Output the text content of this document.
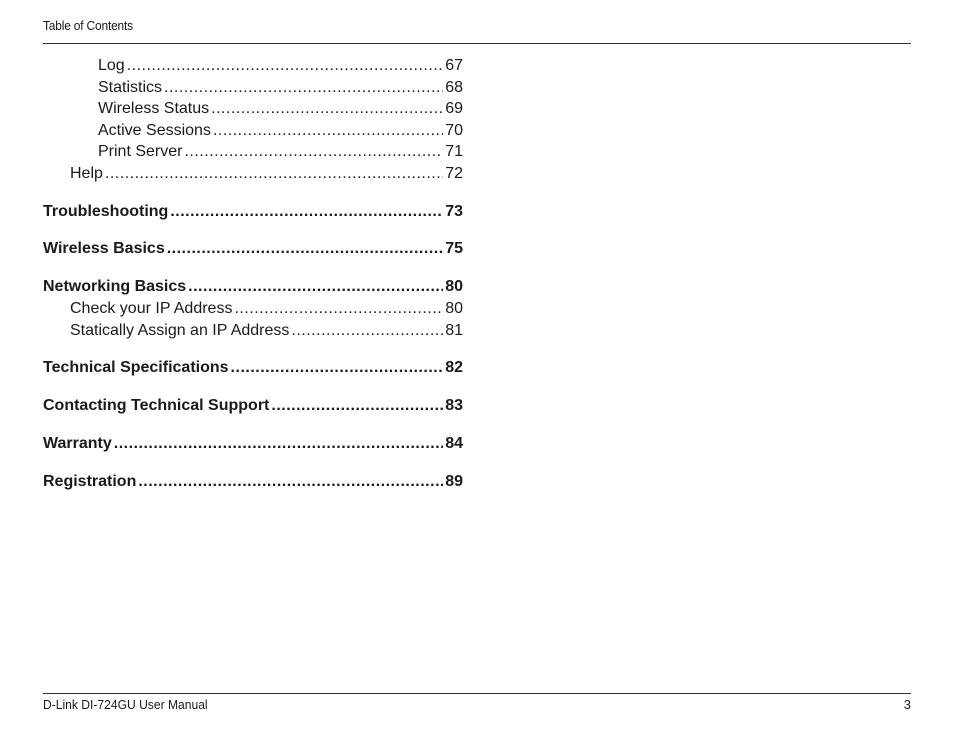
Table of Contents
Log .....	67
Statistics .....	68
Wireless Status .....	69
Active Sessions .....	70
Print Server .....	71
Help .....	72
Troubleshooting .....	73
Wireless Basics .....	75
Networking Basics .....	80
Check your IP Address .....	80
Statically Assign an IP Address .....	81
Technical Specifications .....	82
Contacting Technical Support .....	83
Warranty .....	84
Registration .....	89
D-Link DI-724GU User Manual	3
